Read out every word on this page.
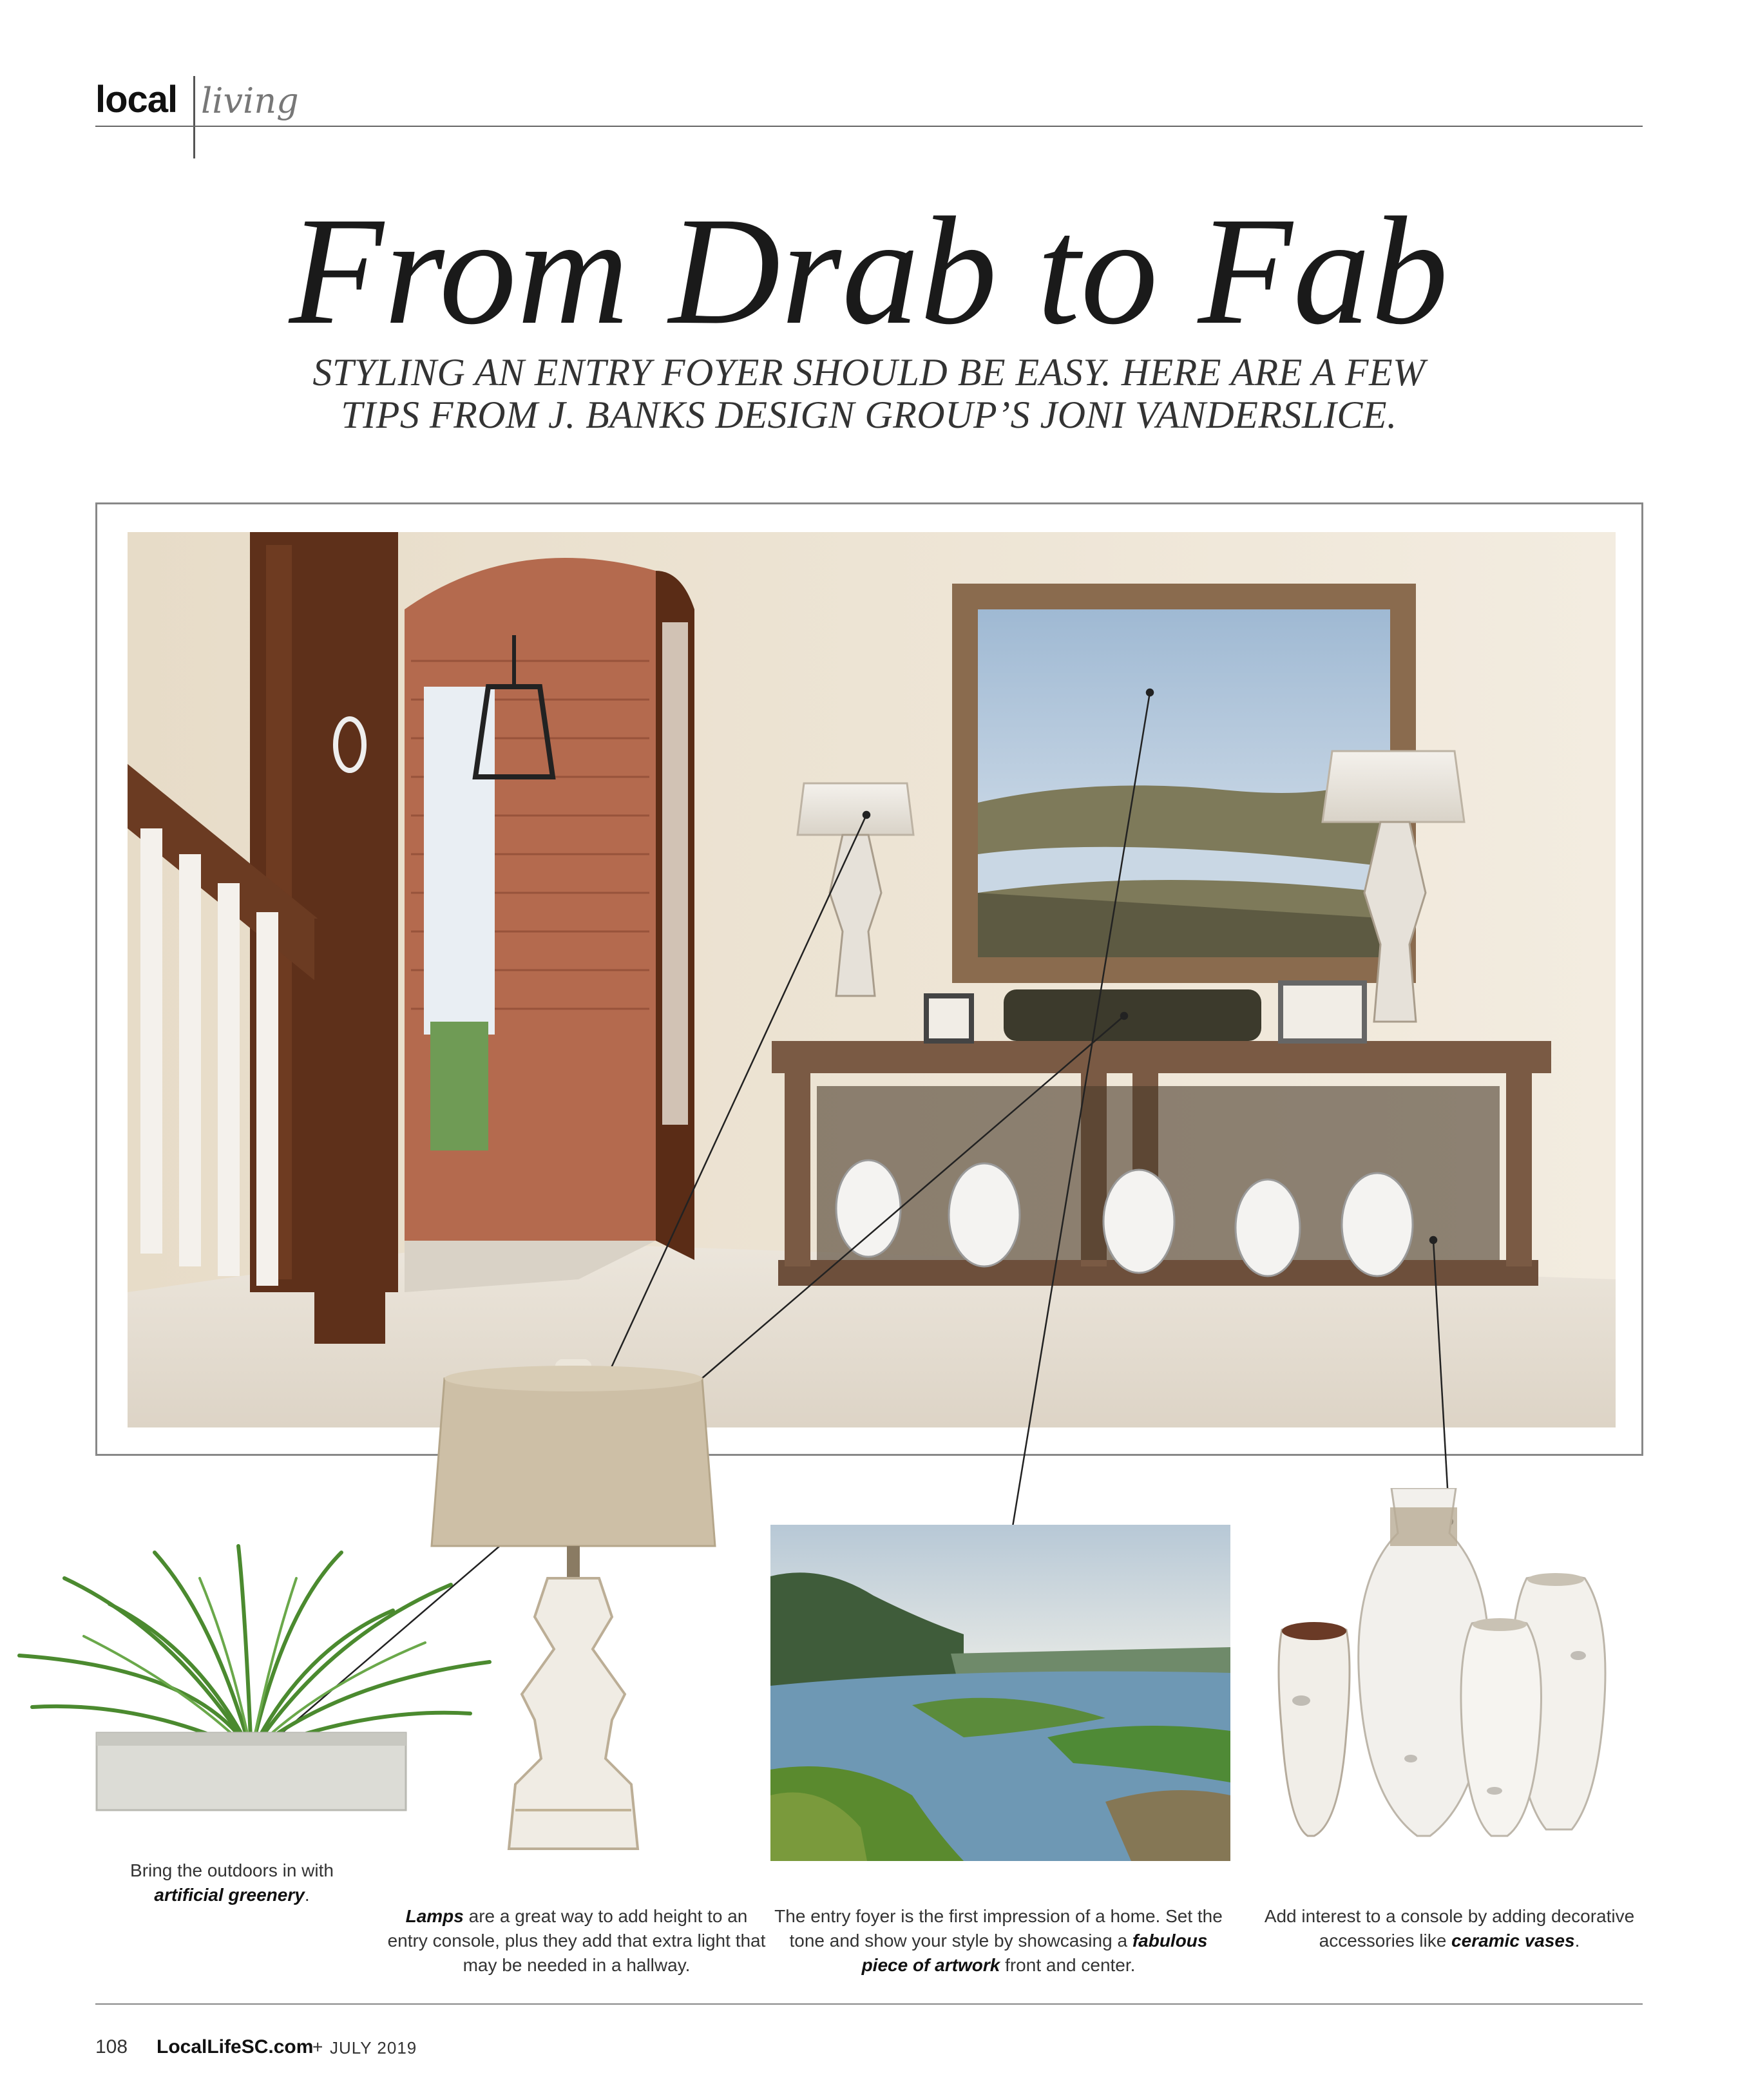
local living
From Drab to Fab
STYLING AN ENTRY FOYER SHOULD BE EASY. HERE ARE A FEW
TIPS FROM J. BANKS DESIGN GROUP’S JONI VANDERSLICE.
Bring the outdoors in with
artificial greenery.
Lamps are a great way to add height to an entry console, plus they add that extra light that may be needed in a hallway.
The entry foyer is the first impression of a home. Set the tone and show your style by showcasing a fabulous piece of artwork front and center.
Add interest to a console by adding decorative accessories like ceramic vases.
108 LocalLifeSC.com
+ JULY 2019
